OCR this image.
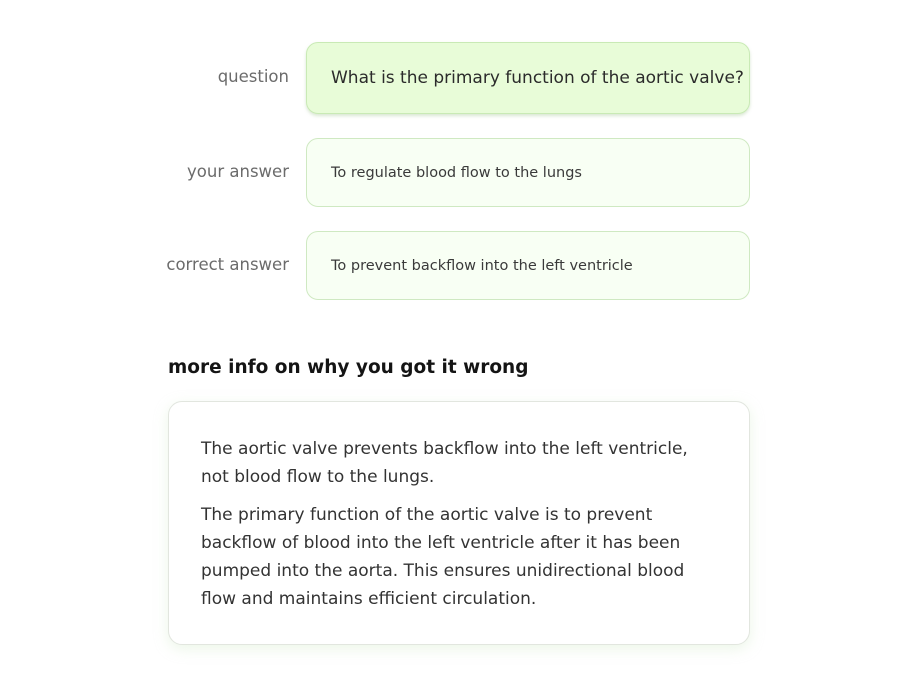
question What is the primary function of the aortic valve?
your answer	To regulate blood flow to the lungs
correct answer	To prevent backflow into the left ventricle
more info on why you got it wrong

The aortic valve prevents backflow into the left ventricle, not blood flow to the lungs.

The primary function of the aortic valve is to prevent backflow of blood into the left ventricle after it has been pumped into the aorta. This ensures unidirectional blood flow and maintains efficient circulation.
